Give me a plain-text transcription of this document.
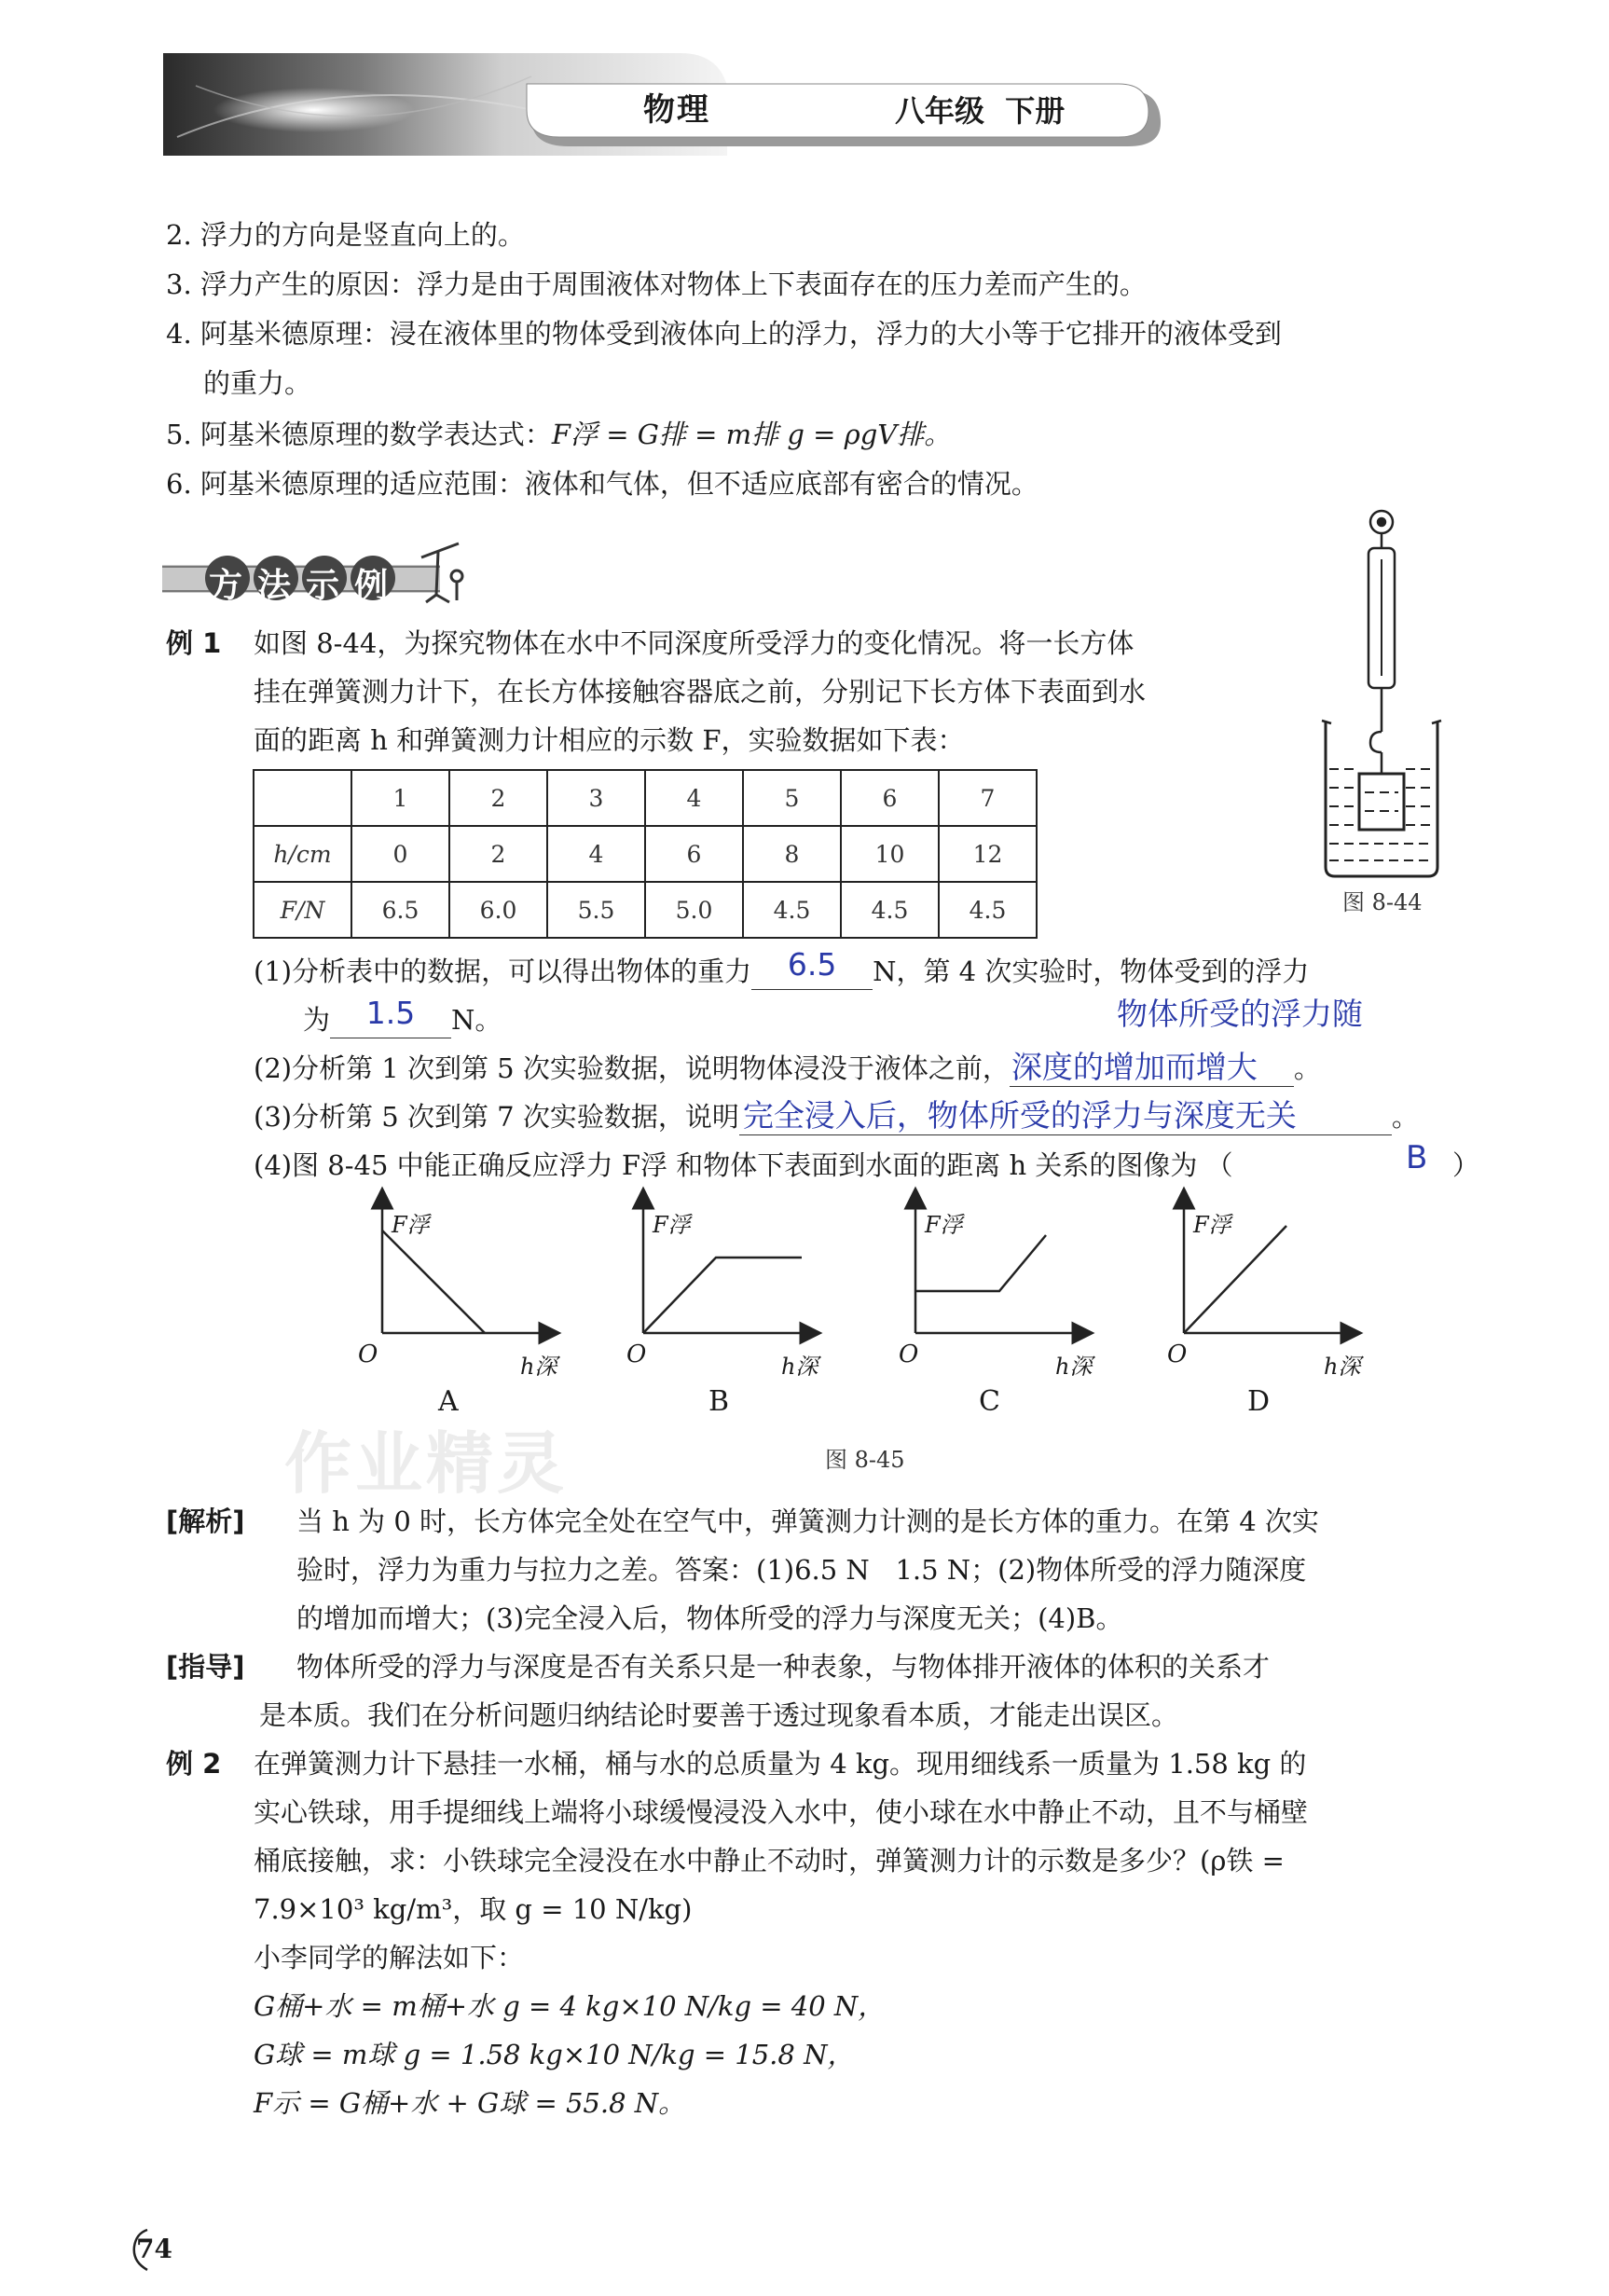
物理	八年级  下册
2. 浮力的方向是竖直向上的。
3. 浮力产生的原因：浮力是由于周围液体对物体上下表面存在的压力差而产生的。
4. 阿基米德原理：浸在液体里的物体受到液体向上的浮力，浮力的大小等于它排开的液体受到
的重力。
5. 阿基米德原理的数学表达式：F浮 = G排 = m排 g = ρgV排。
6. 阿基米德原理的适应范围：液体和气体，但不适应底部有密合的情况。
方法示例
例 1 如图 8-44，为探究物体在水中不同深度所受浮力的变化情况。将一长方体
挂在弹簧测力计下，在长方体接触容器底之前，分别记下长方体下表面到水
面的距离 h 和弹簧测力计相应的示数 F，实验数据如下表：
图 8-44
	1	2	3	4	5	6	7
h/cm	0	2	4	6	8	10	12
F/N	6.5	6.0	5.5	5.0	4.5	4.5	4.5
(1)分析表中的数据，可以得出物体的重力	6.5	N，第 4 次实验时，物体受到的浮力
为	1.5	N。	物体所受的浮力随
(2)分析第 1 次到第 5 次实验数据，说明物体浸没于液体之前， 深度的增加而增大 。
(3)分析第 5 次到第 7 次实验数据，说明 完全浸入后，物体所受的浮力与深度无关	。
(4)图 8-45 中能正确反应浮力 F浮 和物体下表面到水面的距离 h 关系的图像为 （	B ）
F浮
h深
O
A
F浮
h深
O
B
F浮
h深
O
C
F浮
h深
O
D
图 8-45
作业精灵
[解析] 当 h 为 0 时，长方体完全处在空气中，弹簧测力计测的是长方体的重力。在第 4 次实
验时，浮力为重力与拉力之差。答案：(1)6.5 N   1.5 N；(2)物体所受的浮力随深度
的增加而增大；(3)完全浸入后，物体所受的浮力与深度无关；(4)B。
[指导] 物体所受的浮力与深度是否有关系只是一种表象，与物体排开液体的体积的关系才
是本质。我们在分析问题归纳结论时要善于透过现象看本质，才能走出误区。
例 2 在弹簧测力计下悬挂一水桶，桶与水的总质量为 4 kg。现用细线系一质量为 1.58 kg 的
实心铁球，用手提细线上端将小球缓慢浸没入水中，使小球在水中静止不动，且不与桶壁
桶底接触，求：小铁球完全浸没在水中静止不动时，弹簧测力计的示数是多少？(ρ铁 =
7.9×10³ kg/m³，取 g = 10 N/kg)
小李同学的解法如下：
G桶+水 = m桶+水 g = 4 kg×10 N/kg = 40 N，
G球 = m球 g = 1.58 kg×10 N/kg = 15.8 N，
F示 = G桶+水 + G球 = 55.8 N。
74
